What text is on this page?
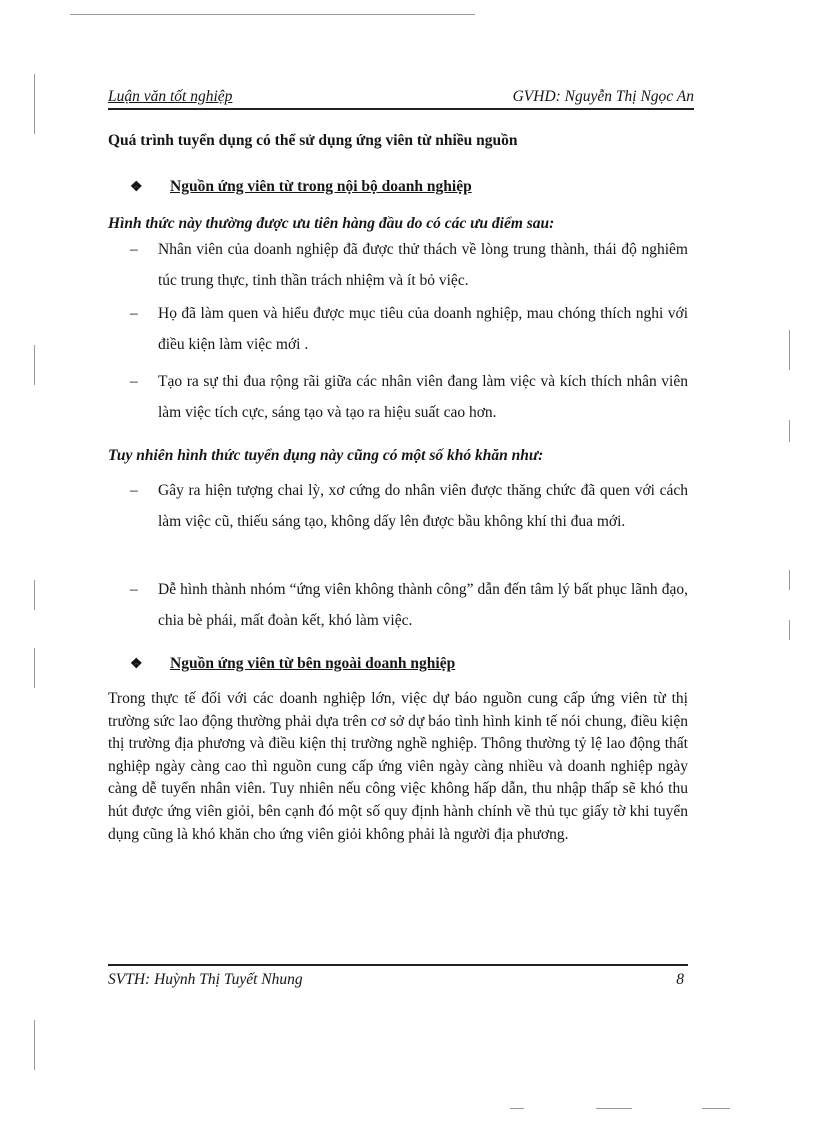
Luận văn tốt nghiệp	GVHD: Nguyễn Thị Ngọc An
Quá trình tuyển dụng có thể sử dụng ứng viên từ nhiều nguồn
❖ Nguồn ứng viên từ trong nội bộ doanh nghiệp
Hình thức này thường được ưu tiên hàng đầu do có các ưu điểm sau:
– Nhân viên của doanh nghiệp đã được thử thách về lòng trung thành, thái độ nghiêm túc trung thực, tinh thần trách nhiệm và ít bỏ việc.
– Họ đã làm quen và hiểu được mục tiêu của doanh nghiệp, mau chóng thích nghi với điều kiện làm việc mới .
– Tạo ra sự thi đua rộng rãi giữa các nhân viên đang làm việc và kích thích nhân viên làm việc tích cực, sáng tạo và tạo ra hiệu suất cao hơn.
Tuy nhiên hình thức tuyển dụng này cũng có một số khó khăn như:
– Gây ra hiện tượng chai lỳ, xơ cứng do nhân viên được thăng chức đã quen với cách làm việc cũ, thiếu sáng tạo, không dấy lên được bầu không khí thi đua mới.
– Dễ hình thành nhóm “ứng viên không thành công” dẫn đến tâm lý bất phục lãnh đạo, chia bè phái, mất đoàn kết, khó làm việc.
❖ Nguồn ứng viên từ bên ngoài doanh nghiệp
Trong thực tế đối với các doanh nghiệp lớn, việc dự báo nguồn cung cấp ứng viên từ thị trường sức lao động thường phải dựa trên cơ sở dự báo tình hình kinh tế nói chung, điều kiện thị trường địa phương và điều kiện thị trường nghề nghiệp. Thông thường tỷ lệ lao động thất nghiệp ngày càng cao thì nguồn cung cấp ứng viên ngày càng nhiều và doanh nghiệp ngày càng dễ tuyển nhân viên. Tuy nhiên nếu công việc không hấp dẫn, thu nhập thấp sẽ khó thu hút được ứng viên giỏi, bên cạnh đó một số quy định hành chính về thủ tục giấy tờ khi tuyển dụng cũng là khó khăn cho ứng viên giỏi không phải là người địa phương.
SVTH: Huỳnh Thị Tuyết Nhung	8
